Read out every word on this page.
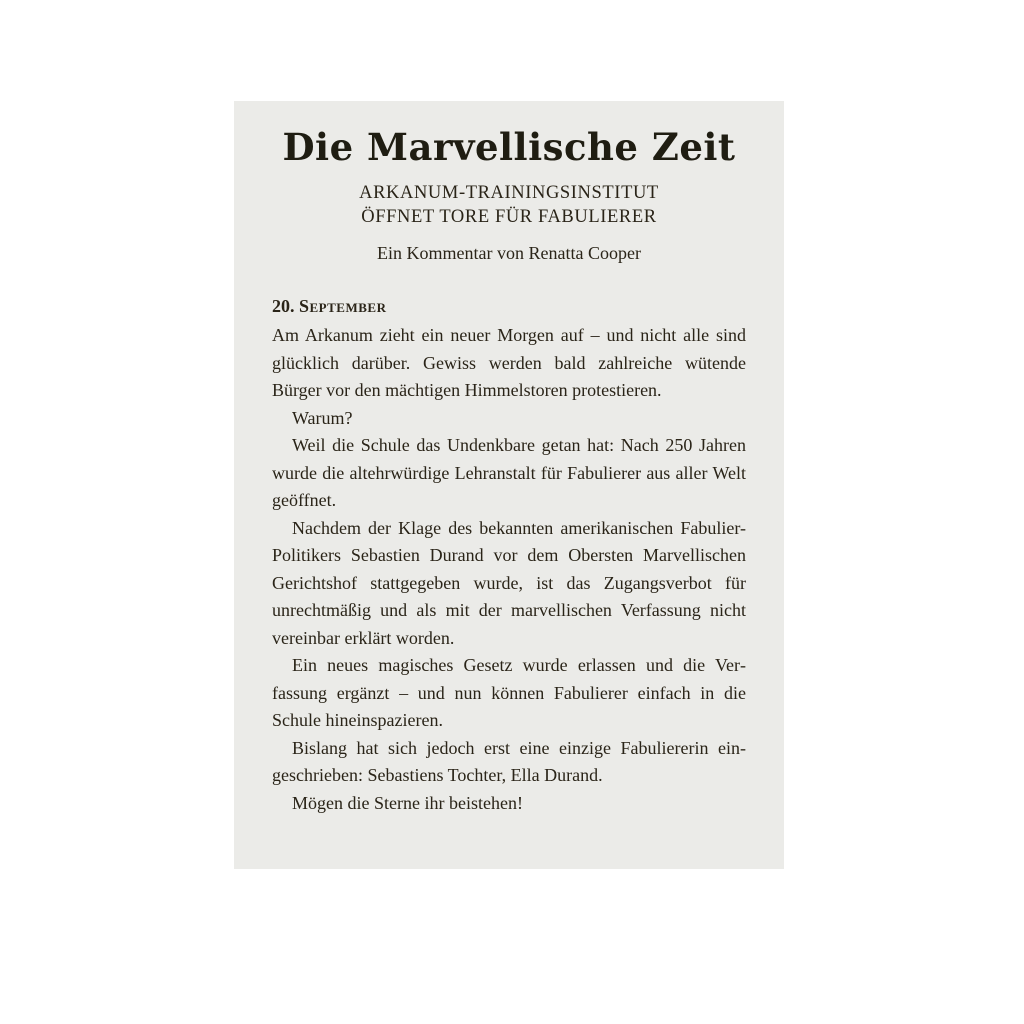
Die Marvellische Zeit
ARKANUM-TRAININGSINSTITUT
ÖFFNET TORE FÜR FABULIERER
Ein Kommentar von Renatta Cooper
20. September

Am Arkanum zieht ein neuer Morgen auf – und nicht alle sind glücklich darüber. Gewiss werden bald zahlreiche wütende Bürger vor den mächtigen Himmelstoren protestieren.

Warum?

Weil die Schule das Undenkbare getan hat: Nach 250 Jahren wurde die altehrwürdige Lehranstalt für Fabulierer aus aller Welt geöffnet.

Nachdem der Klage des bekannten amerikanischen Fabulier-Politikers Sebastien Durand vor dem Obersten Marvellischen Gerichtshof stattgegeben wurde, ist das Zugangsverbot für unrechtmäßig und als mit der marvellischen Verfassung nicht vereinbar erklärt worden.

Ein neues magisches Gesetz wurde erlassen und die Verfassung ergänzt – und nun können Fabulierer einfach in die Schule hineinspazieren.

Bislang hat sich jedoch erst eine einzige Fabuliererin eingeschrieben: Sebastiens Tochter, Ella Durand.

Mögen die Sterne ihr beistehen!
